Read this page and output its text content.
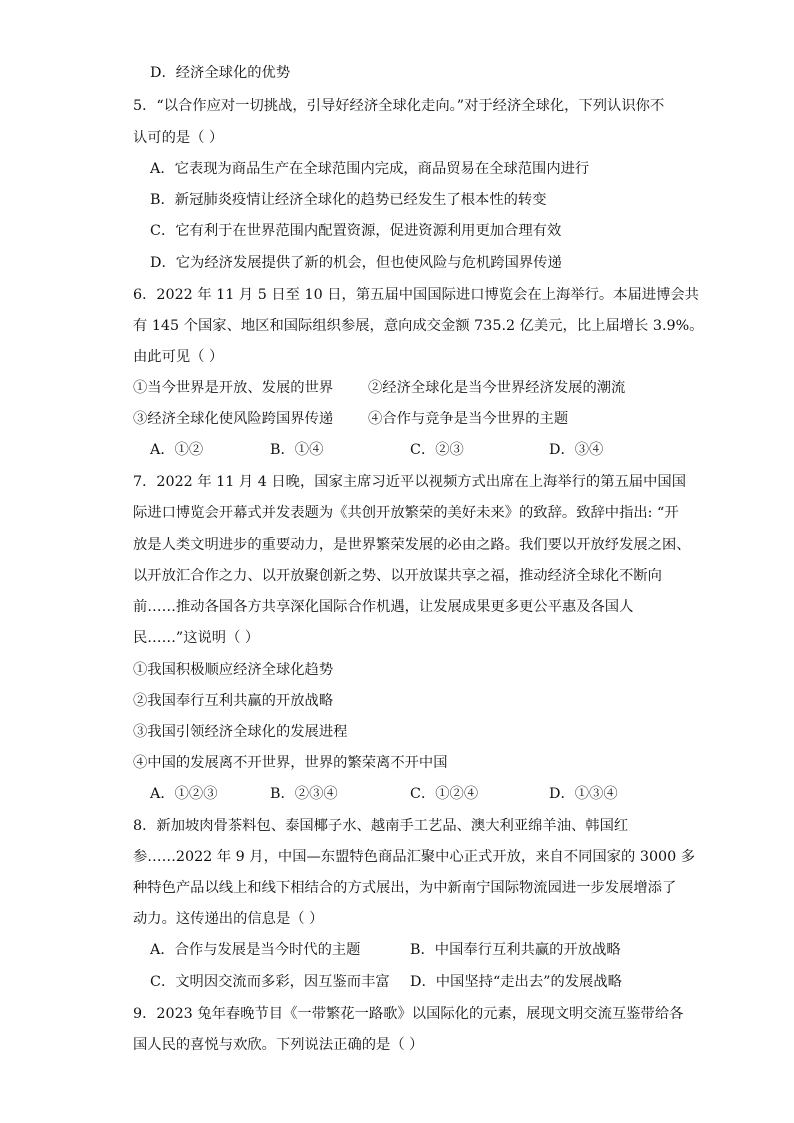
D．经济全球化的优势
5．“以合作应对一切挑战，引导好经济全球化走向。”对于经济全球化，下列认识你不
认可的是（ ）
A．它表现为商品生产在全球范围内完成，商品贸易在全球范围内进行
B．新冠肺炎疫情让经济全球化的趋势已经发生了根本性的转变
C．它有利于在世界范围内配置资源，促进资源利用更加合理有效
D．它为经济发展提供了新的机会，但也使风险与危机跨国界传递
6．2022 年 11 月 5 日至 10 日，第五届中国国际进口博览会在上海举行。本届进博会共
有 145 个国家、地区和国际组织参展，意向成交金额 735.2 亿美元，比上届增长 3.9%。
由此可见（ ）
①当今世界是开放、发展的世界 ②经济全球化是当今世界经济发展的潮流
③经济全球化使风险跨国界传递 ④合作与竞争是当今世界的主题
A．①②	B．①④	C．②③	D．③④
7．2022 年 11 月 4 日晚，国家主席习近平以视频方式出席在上海举行的第五届中国国
际进口博览会开幕式并发表题为《共创开放繁荣的美好未来》的致辞。致辞中指出: “开
放是人类文明进步的重要动力，是世界繁荣发展的必由之路。我们要以开放纾发展之困、
以开放汇合作之力、以开放聚创新之势、以开放谋共享之福，推动经济全球化不断向
前……推动各国各方共享深化国际合作机遇，让发展成果更多更公平惠及各国人
民……”这说明（ ）
①我国积极顺应经济全球化趋势
②我国奉行互利共赢的开放战略
③我国引领经济全球化的发展进程
④中国的发展离不开世界，世界的繁荣离不开中国
A．①②③	B．②③④	C．①②④	D．①③④
8．新加坡肉骨茶料包、泰国椰子水、越南手工艺品、澳大利亚绵羊油、韩国红
参……2022 年 9 月，中国—东盟特色商品汇聚中心正式开放，来自不同国家的 3000 多
种特色产品以线上和线下相结合的方式展出，为中新南宁国际物流园进一步发展增添了
动力。这传递出的信息是（ ）
A．合作与发展是当今时代的主题	B．中国奉行互利共赢的开放战略
C．文明因交流而多彩，因互鉴而丰富 D．中国坚持“走出去”的发展战略
9．2023 兔年春晚节目《一带繁花一路歌》以国际化的元素，展现文明交流互鉴带给各
国人民的喜悦与欢欣。下列说法正确的是（ ）
